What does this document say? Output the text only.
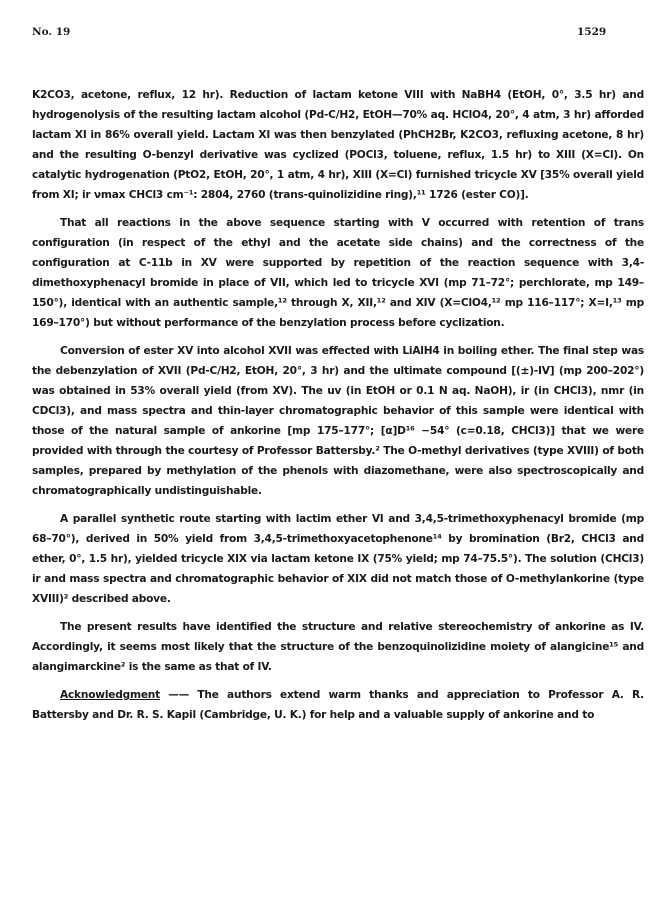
No. 19	1529

K2CO3, acetone, reflux, 12 hr). Reduction of lactam ketone VIII with NaBH4 (EtOH, 0°, 3.5 hr) and hydrogenolysis of the resulting lactam alcohol (Pd-C/H2, EtOH—70% aq. HClO4, 20°, 4 atm, 3 hr) afforded lactam XI in 86% overall yield. Lactam XI was then benzylated (PhCH2Br, K2CO3, refluxing acetone, 8 hr) and the resulting O-benzyl derivative was cyclized (POCl3, toluene, reflux, 1.5 hr) to XIII (X=Cl). On catalytic hydrogenation (PtO2, EtOH, 20°, 1 atm, 4 hr), XIII (X=Cl) furnished tricycle XV [35% overall yield from XI; ir νmax CHCl3 cm⁻¹: 2804, 2760 (trans-quinolizidine ring),¹¹ 1726 (ester CO)].

That all reactions in the above sequence starting with V occurred with retention of trans configuration (in respect of the ethyl and the acetate side chains) and the correctness of the configuration at C-11b in XV were supported by repetition of the reaction sequence with 3,4-dimethoxyphenacyl bromide in place of VII, which led to tricycle XVI (mp 71–72°; perchlorate, mp 149–150°), identical with an authentic sample,¹² through X, XII,¹² and XIV (X=ClO4,¹² mp 116–117°; X=I,¹³ mp 169–170°) but without performance of the benzylation process before cyclization.

Conversion of ester XV into alcohol XVII was effected with LiAlH4 in boiling ether. The final step was the debenzylation of XVII (Pd-C/H2, EtOH, 20°, 3 hr) and the ultimate compound [(±)-IV] (mp 200–202°) was obtained in 53% overall yield (from XV). The uv (in EtOH or 0.1 N aq. NaOH), ir (in CHCl3), nmr (in CDCl3), and mass spectra and thin-layer chromatographic behavior of this sample were identical with those of the natural sample of ankorine [mp 175–177°; [α]D¹⁶ −54° (c=0.18, CHCl3)] that we were provided with through the courtesy of Professor Battersby.² The O-methyl derivatives (type XVIII) of both samples, prepared by methylation of the phenols with diazomethane, were also spectroscopically and chromatographically undistinguishable.

A parallel synthetic route starting with lactim ether VI and 3,4,5-trimethoxyphenacyl bromide (mp 68–70°), derived in 50% yield from 3,4,5-trimethoxyacetophenone¹⁴ by bromination (Br2, CHCl3 and ether, 0°, 1.5 hr), yielded tricycle XIX via lactam ketone IX (75% yield; mp 74–75.5°). The solution (CHCl3) ir and mass spectra and chromatographic behavior of XIX did not match those of O-methylankorine (type XVIII)² described above.

The present results have identified the structure and relative stereochemistry of ankorine as IV. Accordingly, it seems most likely that the structure of the benzoquinolizidine moiety of alangicine¹⁵ and alangimarckine² is the same as that of IV.

Acknowledgment —— The authors extend warm thanks and appreciation to Professor A. R. Battersby and Dr. R. S. Kapil (Cambridge, U. K.) for help and a valuable supply of ankorine and to
